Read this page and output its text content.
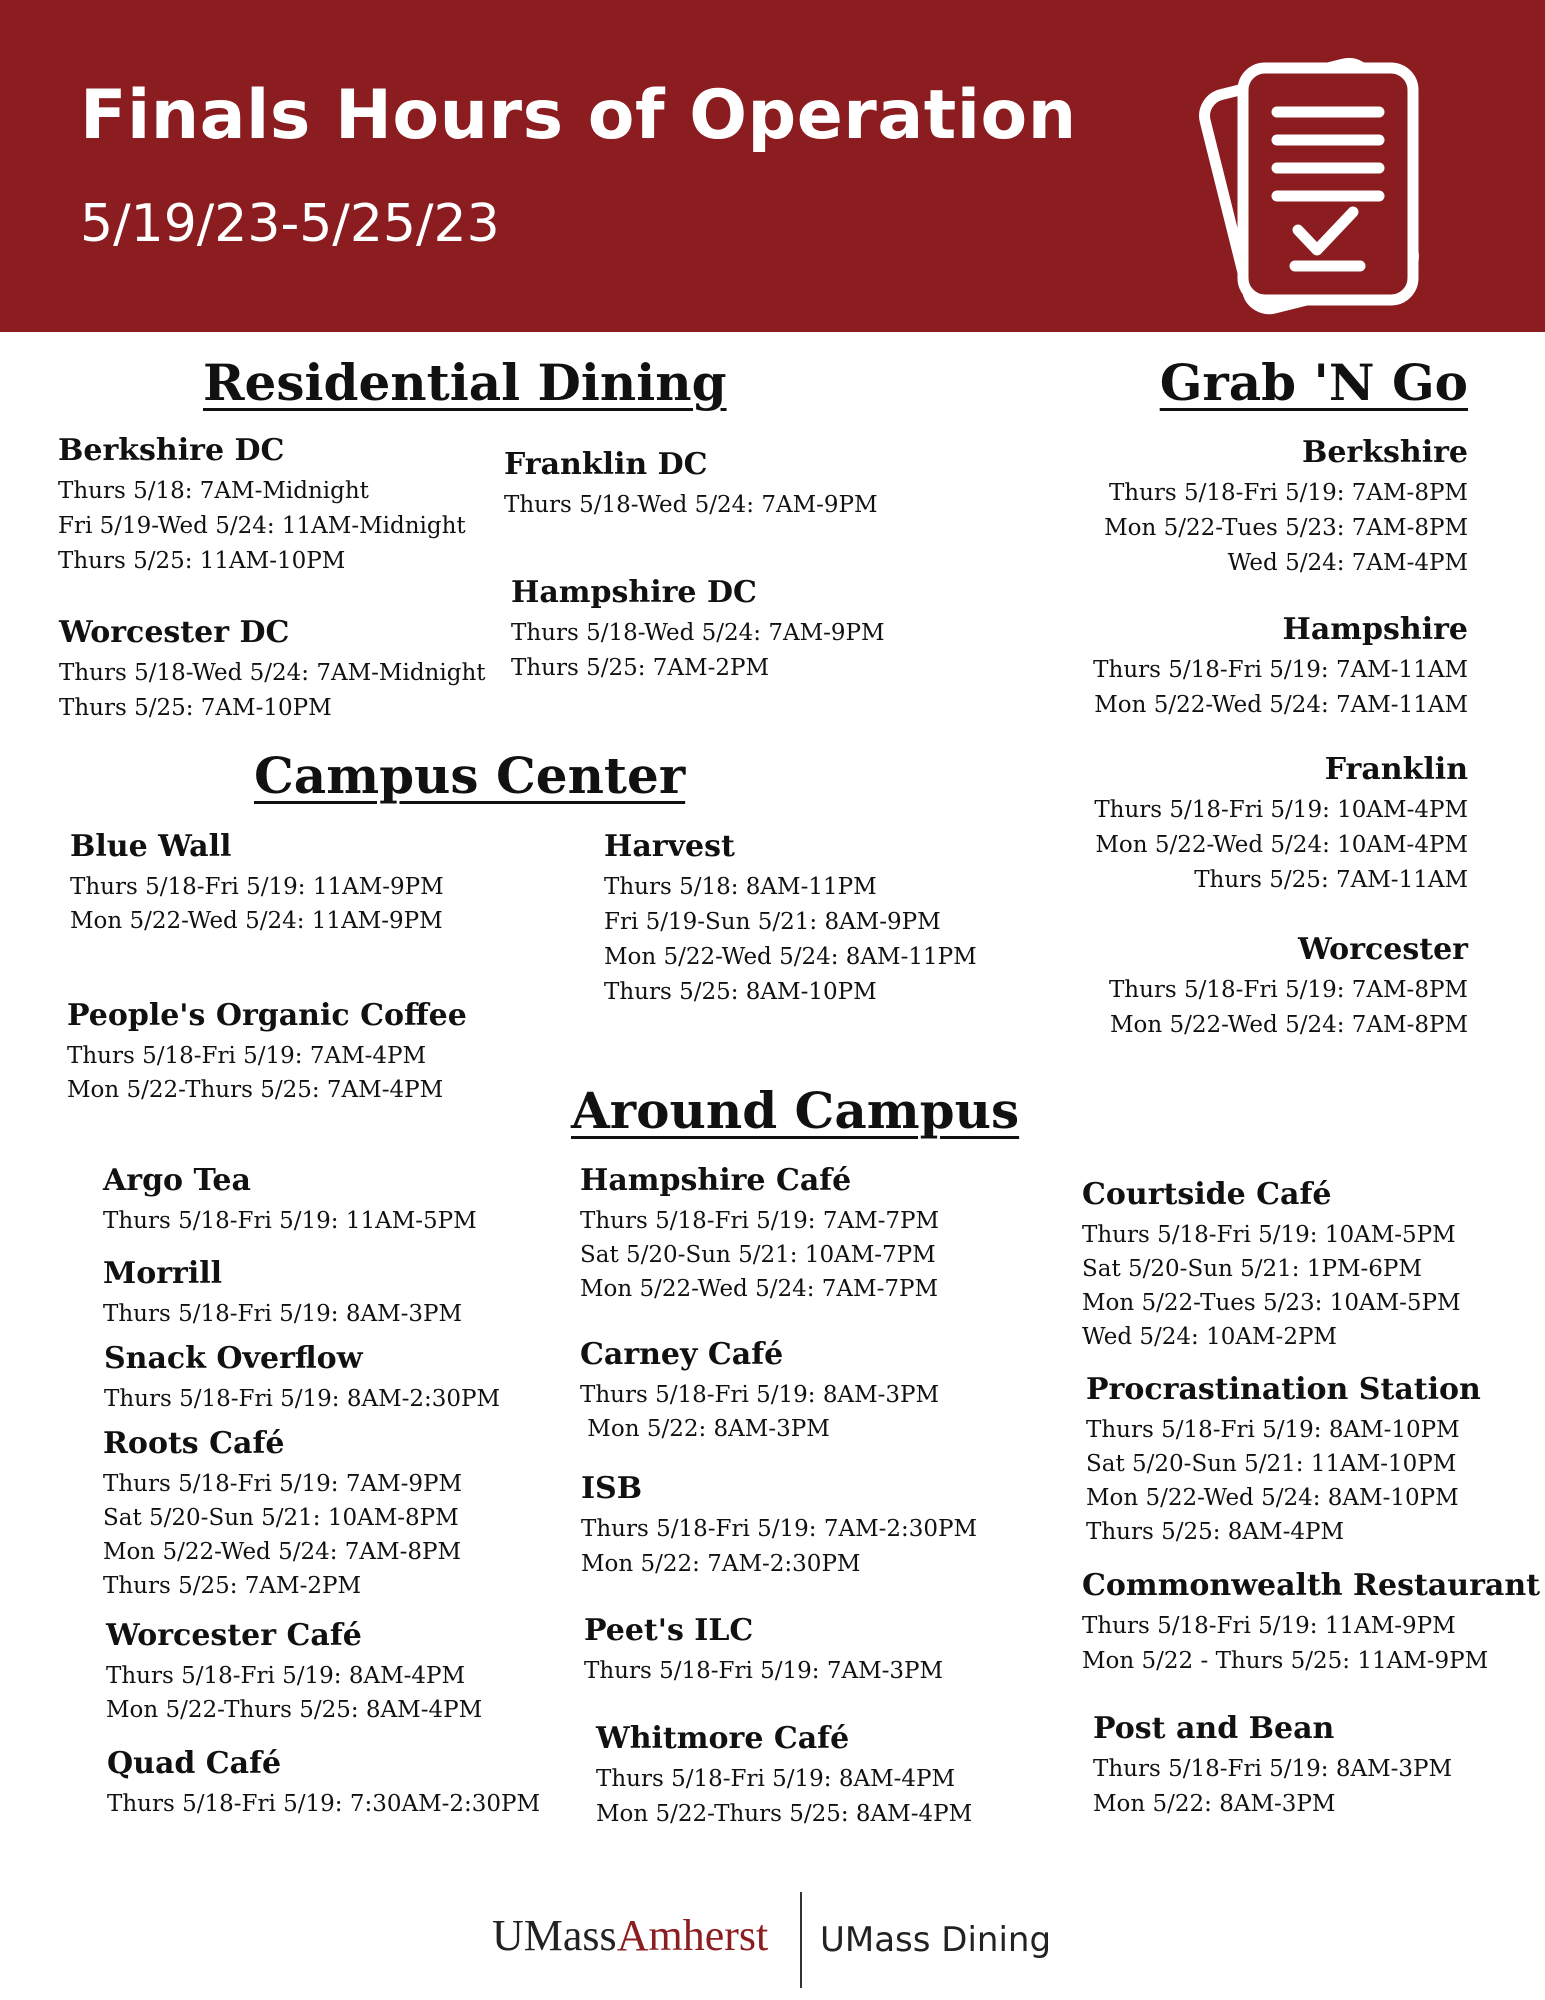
Finals Hours of Operation
5/19/23-5/25/23
Residential Dining
Berkshire DC
Thurs 5/18: 7AM-Midnight
Fri 5/19-Wed 5/24: 11AM-Midnight
Thurs 5/25: 11AM-10PM
Franklin DC
Thurs 5/18-Wed 5/24: 7AM-9PM
Hampshire DC
Thurs 5/18-Wed 5/24: 7AM-9PM
Thurs 5/25: 7AM-2PM
Worcester DC
Thurs 5/18-Wed 5/24: 7AM-Midnight
Thurs 5/25: 7AM-10PM
Grab 'N Go
Berkshire
Thurs 5/18-Fri 5/19: 7AM-8PM
Mon 5/22-Tues 5/23: 7AM-8PM
Wed 5/24: 7AM-4PM
Hampshire
Thurs 5/18-Fri 5/19: 7AM-11AM
Mon 5/22-Wed 5/24: 7AM-11AM
Franklin
Thurs 5/18-Fri 5/19: 10AM-4PM
Mon 5/22-Wed 5/24: 10AM-4PM
Thurs 5/25: 7AM-11AM
Worcester
Thurs 5/18-Fri 5/19: 7AM-8PM
Mon 5/22-Wed 5/24: 7AM-8PM
Campus Center
Blue Wall
Thurs 5/18-Fri 5/19: 11AM-9PM
Mon 5/22-Wed 5/24: 11AM-9PM
Harvest
Thurs 5/18: 8AM-11PM
Fri 5/19-Sun 5/21: 8AM-9PM
Mon 5/22-Wed 5/24: 8AM-11PM
Thurs 5/25: 8AM-10PM
People's Organic Coffee
Thurs 5/18-Fri 5/19: 7AM-4PM
Mon 5/22-Thurs 5/25: 7AM-4PM	Around Campus
Argo Tea
Thurs 5/18-Fri 5/19: 11AM-5PM
Morrill
Thurs 5/18-Fri 5/19: 8AM-3PM
Snack Overflow
Thurs 5/18-Fri 5/19: 8AM-2:30PM
Roots Café
Thurs 5/18-Fri 5/19: 7AM-9PM
Sat 5/20-Sun 5/21: 10AM-8PM
Mon 5/22-Wed 5/24: 7AM-8PM
Thurs 5/25: 7AM-2PM
Worcester Café
Thurs 5/18-Fri 5/19: 8AM-4PM
Mon 5/22-Thurs 5/25: 8AM-4PM
Quad Café
Thurs 5/18-Fri 5/19: 7:30AM-2:30PM
Hampshire Café
Thurs 5/18-Fri 5/19: 7AM-7PM
Sat 5/20-Sun 5/21: 10AM-7PM
Mon 5/22-Wed 5/24: 7AM-7PM
Carney Café
Thurs 5/18-Fri 5/19: 8AM-3PM
Mon 5/22: 8AM-3PM
ISB
Thurs 5/18-Fri 5/19: 7AM-2:30PM
Mon 5/22: 7AM-2:30PM
Peet's ILC
Thurs 5/18-Fri 5/19: 7AM-3PM
Whitmore Café
Thurs 5/18-Fri 5/19: 8AM-4PM
Mon 5/22-Thurs 5/25: 8AM-4PM
Courtside Café
Thurs 5/18-Fri 5/19: 10AM-5PM
Sat 5/20-Sun 5/21: 1PM-6PM
Mon 5/22-Tues 5/23: 10AM-5PM
Wed 5/24: 10AM-2PM
Procrastination Station
Thurs 5/18-Fri 5/19: 8AM-10PM
Sat 5/20-Sun 5/21: 11AM-10PM
Mon 5/22-Wed 5/24: 8AM-10PM
Thurs 5/25: 8AM-4PM
Commonwealth Restaurant
Thurs 5/18-Fri 5/19: 11AM-9PM
Mon 5/22 - Thurs 5/25: 11AM-9PM
Post and Bean
Thurs 5/18-Fri 5/19: 8AM-3PM
Mon 5/22: 8AM-3PM
UMassAmherst UMass Dining
